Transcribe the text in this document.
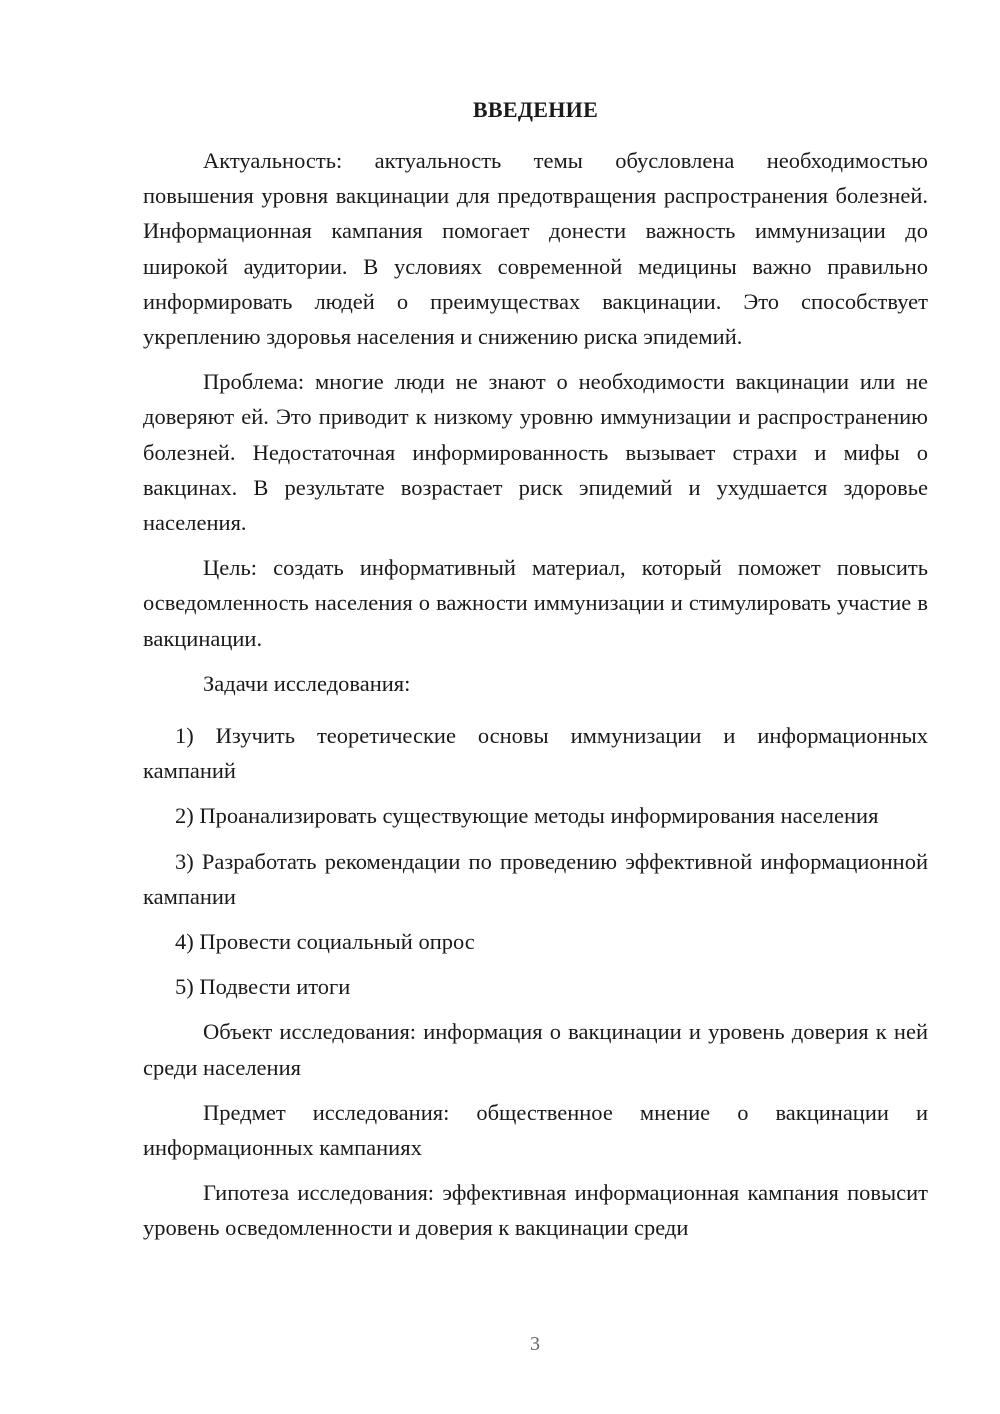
ВВЕДЕНИЕ

Актуальность: актуальность темы обусловлена необходимостью повышения уровня вакцинации для предотвращения распространения болезней. Информационная кампания помогает донести важность иммунизации до широкой аудитории. В условиях современной медицины важно правильно информировать людей о преимуществах вакцинации. Это способствует укреплению здоровья населения и снижению риска эпидемий.

Проблема: многие люди не знают о необходимости вакцинации или не доверяют ей. Это приводит к низкому уровню иммунизации и распространению болезней. Недостаточная информированность вызывает страхи и мифы о вакцинах. В результате возрастает риск эпидемий и ухудшается здоровье населения.

Цель: создать информативный материал, который поможет повысить осведомленность населения о важности иммунизации и стимулировать участие в вакцинации.

Задачи исследования:

1) Изучить теоретические основы иммунизации и информационных кампаний

2) Проанализировать существующие методы информирования населения

3) Разработать рекомендации по проведению эффективной информационной кампании

4) Провести социальный опрос

5) Подвести итоги

Объект исследования: информация о вакцинации и уровень доверия к ней среди населения

Предмет исследования: общественное мнение о вакцинации и информационных кампаниях

Гипотеза исследования: эффективная информационная кампания повысит уровень осведомленности и доверия к вакцинации среди

3
